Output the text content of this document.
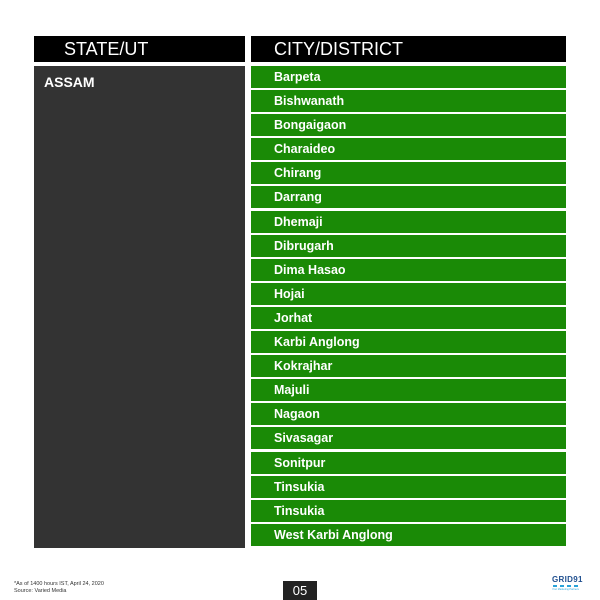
STATE/UT	CITY/DISTRICT
ASSAM	Barpeta
Bishwanath
Bongaigaon
Charaideo
Chirang
Darrang
Dhemaji
Dibrugarh
Dima Hasao
Hojai
Jorhat
Karbi Anglong
Kokrajhar
Majuli
Nagaon
Sivasagar
Sonitpur
Tinsukia
Tinsukia
West Karbi Anglong
*As of 1400 hours IST, April 24, 2020
Source: Varied Media	05
GRID91
Your Marketing Partners
